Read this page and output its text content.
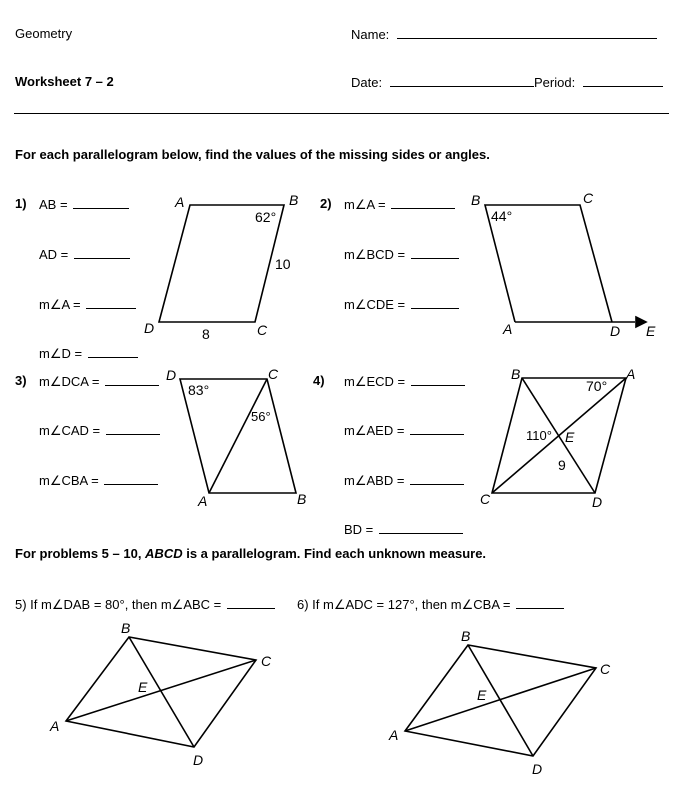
Geometry	Name:
Worksheet 7 – 2	Date:	Period:
For each parallelogram below, find the values of the missing sides or angles.
1) AB =
AD =
m∠A =
m∠D =
2) m∠A =
m∠BCD =
m∠CDE =
3) m∠DCA =
m∠CAD =
m∠CBA =
4) m∠ECD =
m∠AED =
m∠ABD =
BD =
For problems 5 – 10, ABCD is a parallelogram. Find each unknown measure.
5) If m∠DAB = 80°, then m∠ABC =	6) If m∠ADC = 127°, then m∠CBA =
A	B
C
D
62°
10
8
B	C
A	D E
44°
D	C
A	B
83°
56°
B	A
C	D
E
70°
110°
9
B
C
A
D
E
B
C
A
D
E
